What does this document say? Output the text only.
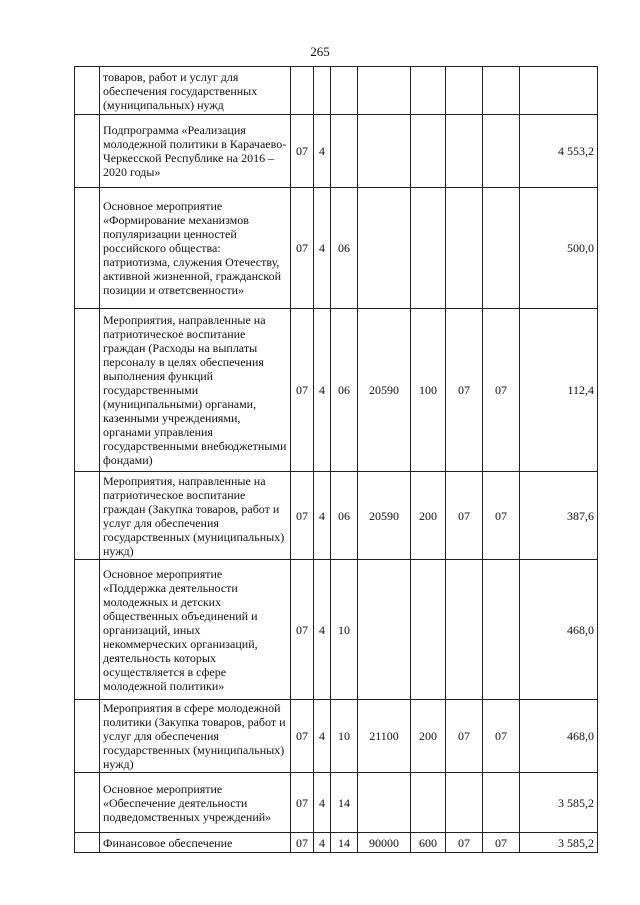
265
	товаров, работ и услуг для обеспечения государственных (муниципальных) нужд								
	Подпрограмма «Реализация молодежной политики в Карачаево-Черкесской Республике на 2016 – 2020 годы»	07	4						4 553,2
	Основное мероприятие «Формирование механизмов популяризации ценностей российского общества: патриотизма, служения Отечеству, активной жизненной, гражданской позиции и ответсвенности»	07	4	06					500,0
	Мероприятия, направленные на патриотическое воспитание граждан (Расходы на выплаты персоналу в целях обеспечения выполнения функций государственными (муниципальными) органами, казенными учреждениями, органами управления государственными внебюджетными фондами)	07	4	06	20590	100	07	07	112,4
	Мероприятия, направленные на патриотическое воспитание граждан (Закупка товаров, работ и услуг для обеспечения государственных (муниципальных) нужд)	07	4	06	20590	200	07	07	387,6
	Основное мероприятие «Поддержка деятельности молодежных и детских общественных объединений и организаций, иных некоммерческих организаций, деятельность которых осуществляется в сфере молодежной политики»	07	4	10					468,0
	Мероприятия в сфере молодежной политики (Закупка товаров, работ и услуг для обеспечения государственных (муниципальных) нужд)	07	4	10	21100	200	07	07	468,0
	Основное мероприятие «Обеспечение деятельности подведомственных учреждений»	07	4	14					3 585,2
	Финансовое обеспечение	07	4	14	90000	600	07	07	3 585,2
